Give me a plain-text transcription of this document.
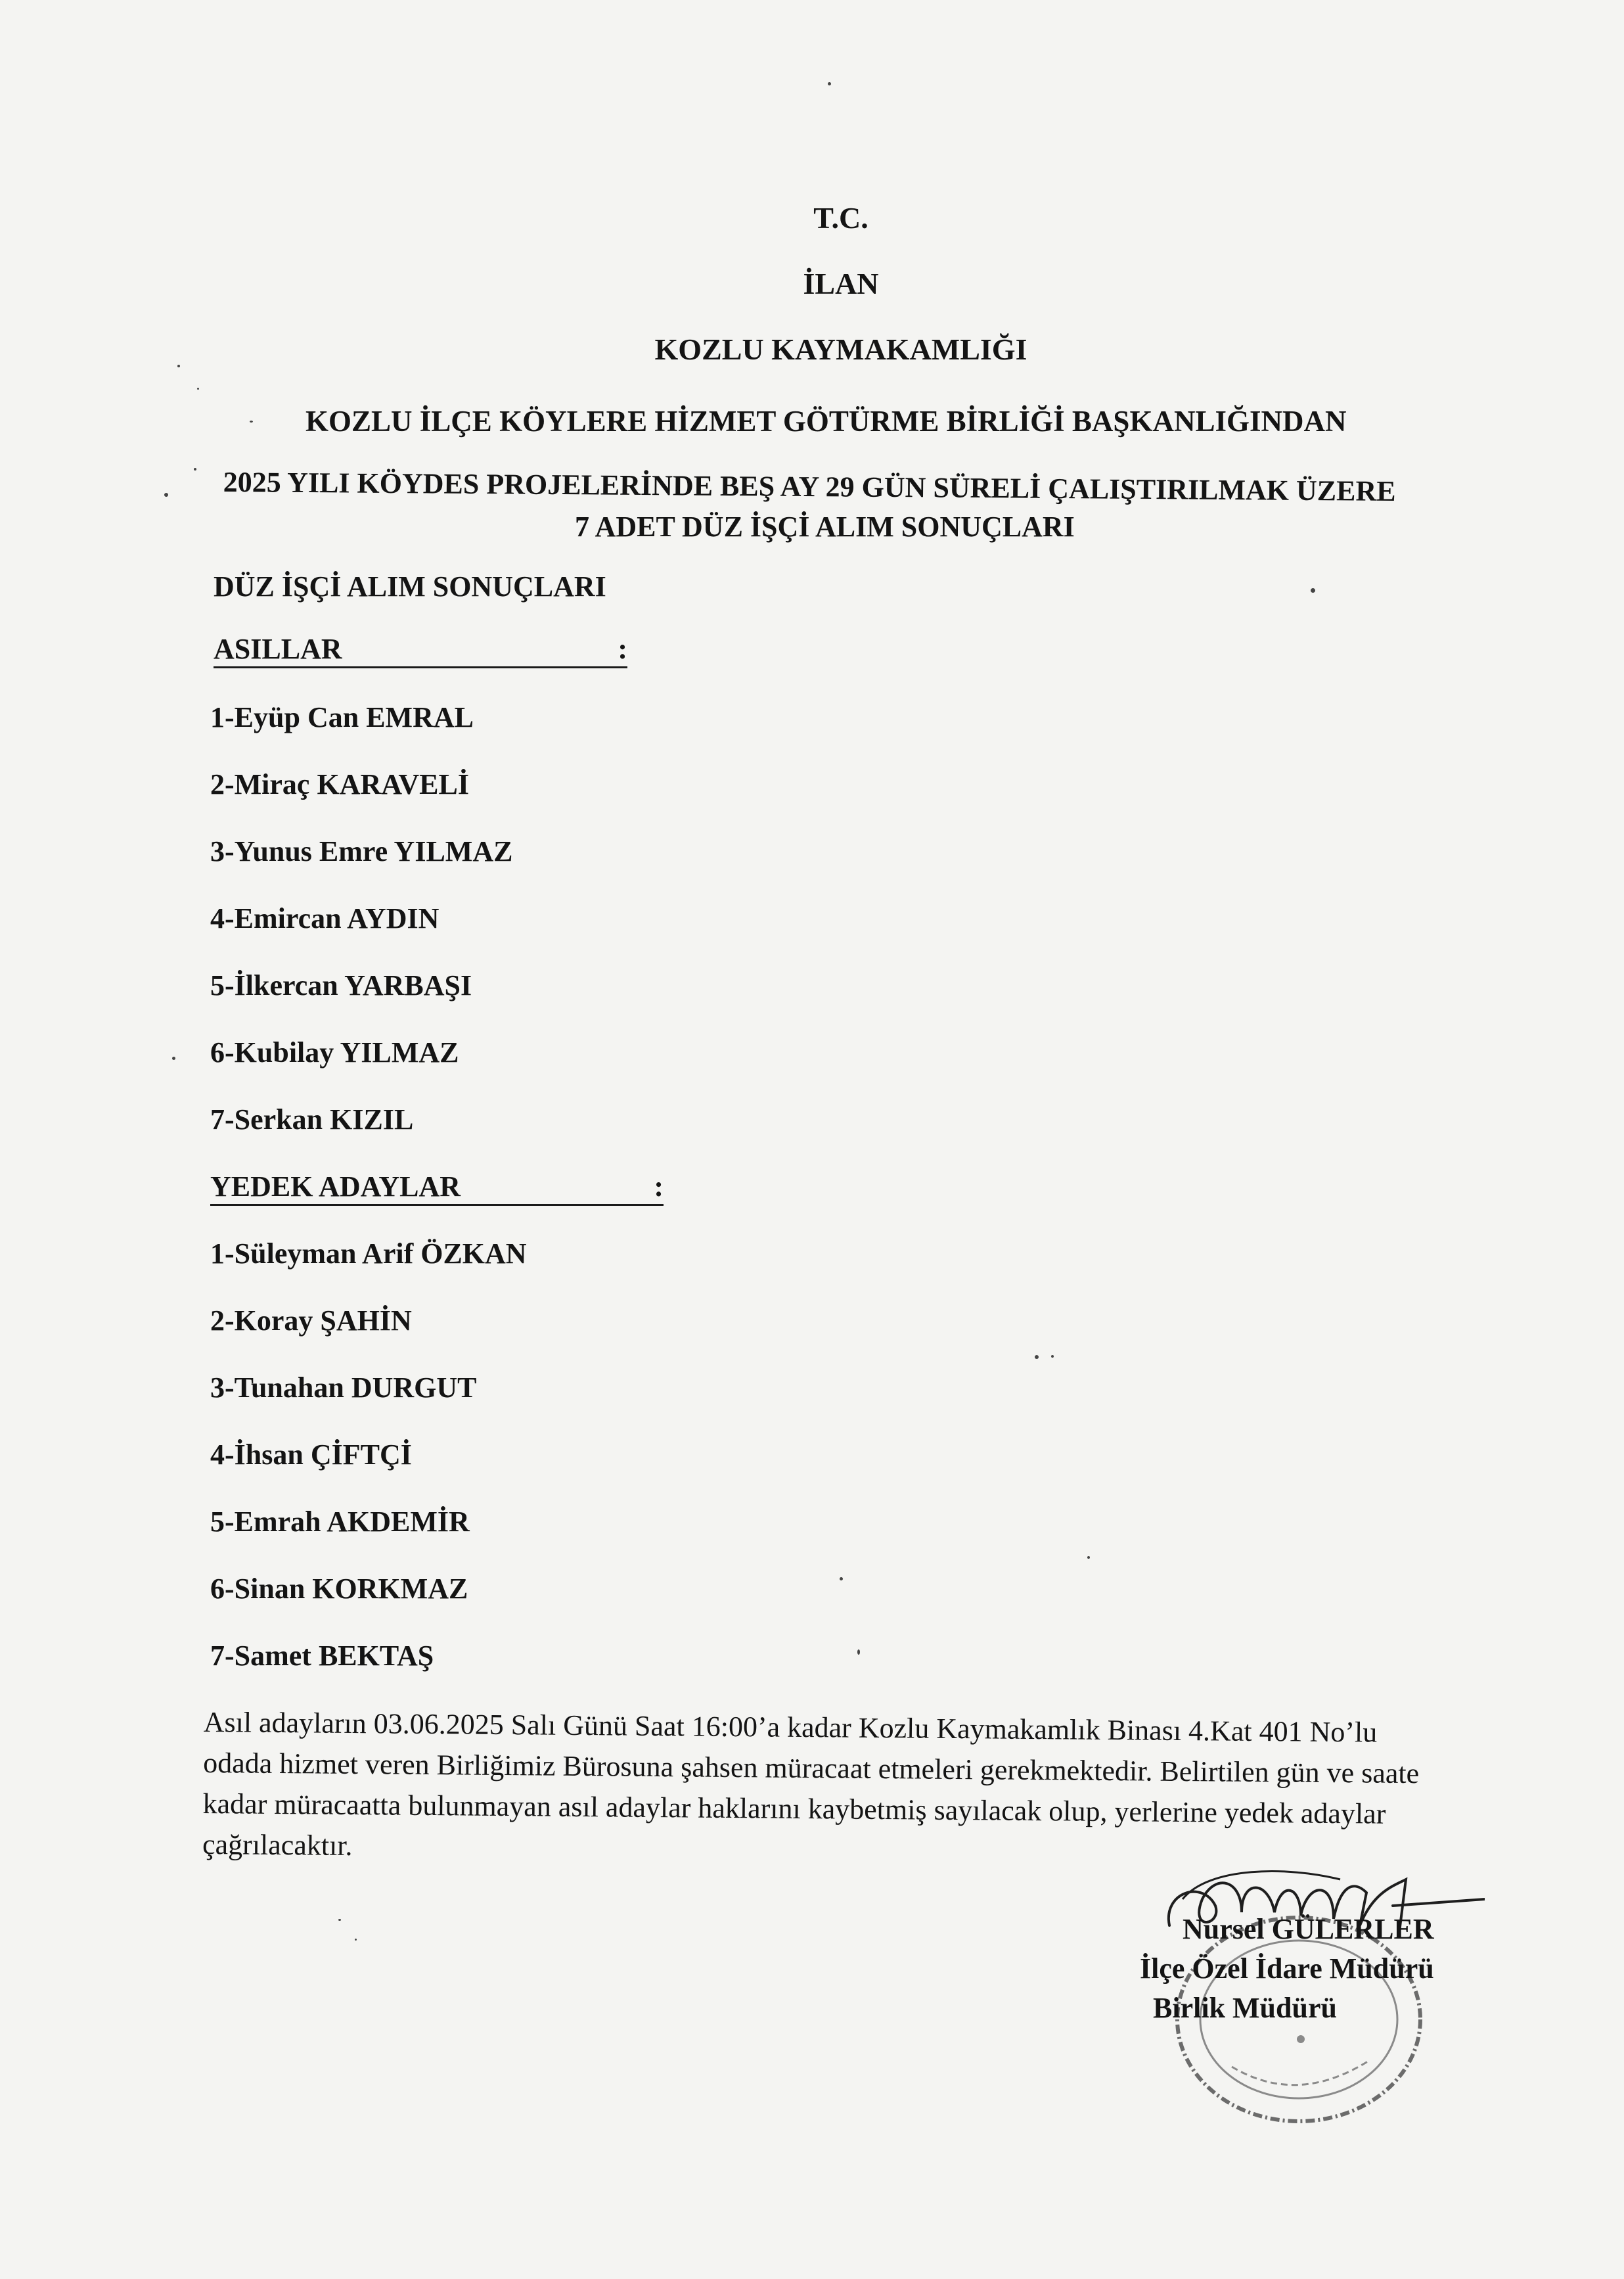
T.C.
İLAN
KOZLU KAYMAKAMLIĞI
KOZLU İLÇE KÖYLERE HİZMET GÖTÜRME BİRLİĞİ BAŞKANLIĞINDAN
2025 YILI KÖYDES PROJELERİNDE BEŞ AY 29 GÜN SÜRELİ ÇALIŞTIRILMAK ÜZERE
7 ADET DÜZ İŞÇİ ALIM SONUÇLARI
DÜZ İŞÇİ ALIM SONUÇLARI
ASILLAR	:
1-Eyüp Can EMRAL
2-Miraç KARAVELİ
3-Yunus Emre YILMAZ
4-Emircan AYDIN
5-İlkercan YARBAŞI
6-Kubilay YILMAZ
7-Serkan KIZIL
YEDEK ADAYLAR	:
1-Süleyman Arif ÖZKAN
2-Koray ŞAHİN
3-Tunahan DURGUT
4-İhsan ÇİFTÇİ
5-Emrah AKDEMİR
6-Sinan KORKMAZ
7-Samet BEKTAŞ
Asıl adayların 03.06.2025 Salı Günü Saat 16:00’a kadar Kozlu Kaymakamlık Binası 4.Kat 401 No’lu odada hizmet veren Birliğimiz Bürosuna şahsen müracaat etmeleri gerekmektedir. Belirtilen gün ve saate kadar müracaatta bulunmayan asıl adaylar haklarını kaybetmiş sayılacak olup, yerlerine yedek adaylar çağrılacaktır.
Nursel GÜLERLER
İlçe Özel İdare Müdürü
Birlik Müdürü
